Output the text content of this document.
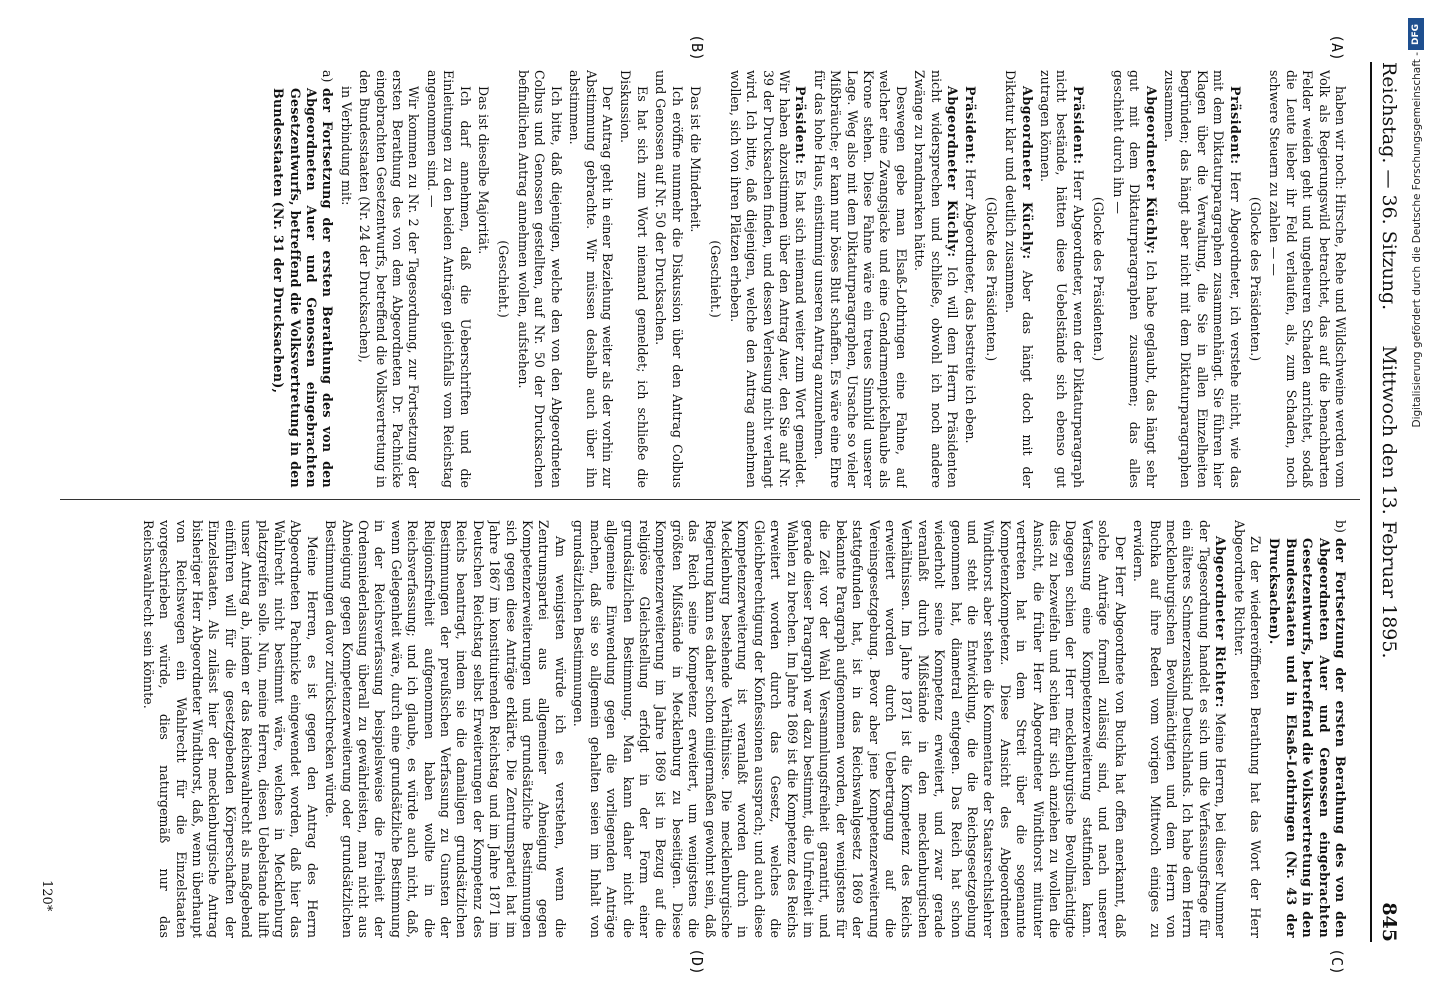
Reichstag. — 36. Sitzung.
Mittwoch den 13. Februar 1895.
845
(A)
(B)
(C)
(D)

haben wir noch: Hirsche, Rehe und Wildschweine werden vom Volk als Regierungswild betrachtet, das auf die benachbarten Felder weiden geht und ungeheuren Schaden anrichtet, sodaß die Leute lieber ihr Feld verlaufen, als, zum Schaden, noch schwere Steuern zu zahlen — —

(Glocke des Präsidenten.)

Präsident: Herr Abgeordneter, ich verstehe nicht, wie das mit dem Diktaturparagraphen zusammenhängt. Sie führen hier Klagen über die Verwaltung, die Sie in allen Einzelheiten begründen; das hängt aber nicht mit dem Diktaturparagraphen zusammen.

Abgeordneter Küchly: Ich habe geglaubt, das hängt sehr gut mit dem Diktaturparagraphen zusammen; das alles geschieht durch ihn —

(Glocke des Präsidenten.)

Präsident: Herr Abgeordneter, wenn der Diktaturparagraph nicht bestände, hätten diese Uebelstände sich ebenso gut zutragen können.

Abgeordneter Küchly: Aber das hängt doch mit der Diktatur klar und deutlich zusammen.

(Glocke des Präsidenten.)

Präsident: Herr Abgeordneter, das bestreite ich eben.

Abgeordneter Küchly: Ich will dem Herrn Präsidenten nicht widersprechen und schließe, obwohl ich noch andere Zwänge zu brandmarken hätte.

Deswegen gebe man Elsaß-Lothringen eine Fahne, auf welcher eine Zwangsjacke und eine Gendarmenpickelhaube als Krone stehen. Diese Fahne wäre ein treues Sinnbild unserer Lage. Weg also mit dem Diktaturparagraphen, Ursache so vieler Mißbräuche; er kann nur böses Blut schaffen. Es wäre eine Ehre für das hohe Haus, einstimmig unseren Antrag anzunehmen.

Präsident: Es hat sich niemand weiter zum Wort gemeldet. Wir haben abzustimmen über den Antrag Auer, den Sie auf Nr. 39 der Drucksachen finden, und dessen Verlesung nicht verlangt wird. Ich bitte, daß diejenigen, welche den Antrag annehmen wollen, sich von ihren Plätzen erheben.

(Geschieht.)

Das ist die Minderheit.

Ich eröffne nunmehr die Diskussion über den Antrag Colbus und Genossen auf Nr. 50 der Drucksachen.

Es hat sich zum Wort niemand gemeldet; ich schließe die Diskussion.

Der Antrag geht in einer Beziehung weiter als der vorhin zur Abstimmung gebrachte. Wir müssen deshalb auch über ihn abstimmen.

Ich bitte, daß diejenigen, welche den von den Abgeordneten Colbus und Genossen gestellten, auf Nr. 50 der Drucksachen befindlichen Antrag annehmen wollen, aufstehen.

(Geschieht.)

Das ist dieselbe Majorität.

Ich darf annehmen, daß die Ueberschriften und die Einleitungen zu den beiden Anträgen gleichfalls vom Reichstag angenommen sind. —

Wir kommen zu Nr. 2 der Tagesordnung, zur Fortsetzung der ersten Berathung des von dem Abgeordneten Dr. Pachnicke eingebrachten Gesetzentwurfs, betreffend die Volksvertretung in den Bundesstaaten (Nr. 24 der Drucksachen),

in Verbindung mit:

a)
der Fortsetzung der ersten Berathung des von den Abgeordneten Auer und Genossen eingebrachten Gesetzentwurfs, betreffend die Volksvertretung in den Bundesstaaten (Nr. 31 der Drucksachen),

b)
der Fortsetzung der ersten Berathung des von den Abgeordneten Auer und Genossen eingebrachten Gesetzentwurfs, betreffend die Volksvertretung in den Bundesstaaten und in Elsaß-Lothringen (Nr. 43 der Drucksachen).

Zu der wiedereröffneten Berathung hat das Wort der Herr Abgeordnete Richter.

Abgeordneter Richter: Meine Herren, bei dieser Nummer der Tagesordnung handelt es sich um die Verfassungsfrage für ein älteres Schmerzenskind Deutschlands. Ich habe dem Herrn mecklenburgischen Bevollmächtigten und dem Herrn von Buchka auf ihre Reden vom vorigen Mittwoch einiges zu erwidern.

Der Herr Abgeordnete von Buchka hat offen anerkannt, daß solche Anträge formell zulässig sind, und nach unserer Verfassung eine Kompetenzerweiterung stattfinden kann. Dagegen schien der Herr mecklenburgische Bevollmächtigte dies zu bezweifeln und schien für sich anziehen zu wollen die Ansicht, die früher Herr Abgeordneter Windthorst mitunter vertreten hat in dem Streit über die sogenannte Kompetenzkompetenz. Diese Ansicht des Abgeordneten Windthorst aber stehen die Kommentare der Staatsrechtslehrer und steht die Entwicklung, die die Reichsgesetzgebung genommen hat, diametral entgegen. Das Reich hat schon wiederholt seine Kompetenz erweitert, und zwar gerade veranlaßt durch Mißstände in den mecklenburgischen Verhältnissen. Im Jahre 1871 ist die Kompetenz des Reichs erweitert worden durch Uebertragung auf die Vereinsgesetzgebung. Bevor aber jene Kompetenzerweiterung stattgefunden hat, ist in das Reichswahlgesetz 1869 der bekannte Paragraph aufgenommen worden, der wenigstens für die Zeit vor der Wahl Versammlungsfreiheit garantirt, und gerade dieser Paragraph war dazu bestimmt, die Unfreiheit im Wahlen zu brechen. Im Jahre 1869 ist die Kompetenz des Reichs erweitert worden durch das Gesetz, welches die Gleichberechtigung der Konfessionen aussprach; und auch diese Kompetenzerweiterung ist veranlaßt worden durch in Mecklenburg bestehende Verhältnisse. Die mecklenburgische Regierung kann es daher schon einigermaßen gewohnt sein, daß das Reich seine Kompetenz erweitert, um wenigstens die größten Mißstände in Mecklenburg zu beseitigen. Diese Kompetenzerweiterung im Jahre 1869 ist in Bezug auf die religiöse Gleichstellung erfolgt in der Form einer grundsätzlichen Bestimmung. Man kann daher nicht die allgemeine Einwendung gegen die vorliegenden Anträge machen, daß sie so allgemein gehalten seien im Inhalt von grundsätzlichen Bestimmungen.

Am wenigsten würde ich es verstehen, wenn die Zentrumspartei aus allgemeiner Abneigung gegen Kompetenzerweiterungen und grundsätzliche Bestimmungen sich gegen diese Anträge erklärte. Die Zentrumspartei hat im Jahre 1867 im konstituirenden Reichstag und im Jahre 1871 im Deutschen Reichstag selbst Erweiterungen der Kompetenz des Reichs beantragt, indem sie die damaligen grundsätzlichen Bestimmungen der preußischen Verfassung zu Gunsten der Religionsfreiheit aufgenommen haben wollte in die Reichsverfassung; und ich glaube, es würde auch nicht, daß, wenn Gelegenheit wäre, durch eine grundsätzliche Bestimmung in der Reichsverfassung beispielsweise die Freiheit der Ordensniederlassung überall zu gewährleisten, man nicht aus Abneigung gegen Kompetenzerweiterung oder grundsätzlichen Bestimmungen davor zurückschrecken würde.

Meine Herren, es ist gegen den Antrag des Herrn Abgeordneten Pachnicke eingewendet worden, daß hier das Wahlrecht nicht bestimmt wäre, welches in Mecklenburg platzgreifen solle. Nun, meine Herren, diesen Uebelstande hilft unser Antrag ab, indem er das Reichswahlrecht als maßgebend einführen will für die gesetzgebenden Körperschaften der Einzelstaaten. Als zulässt hier der mecklenburgische Antrag bisheriger Herr Abgeordneter Windthorst, daß, wenn überhaupt von Reichswegen ein Wahlrecht für die Einzelstaaten vorgeschrieben würde, dies naturgemäß nur das Reichswahlrecht sein könnte.

120*
Digitalisierung gefördert durch die Deutsche Forschungsgemeinschaft -
DFG
